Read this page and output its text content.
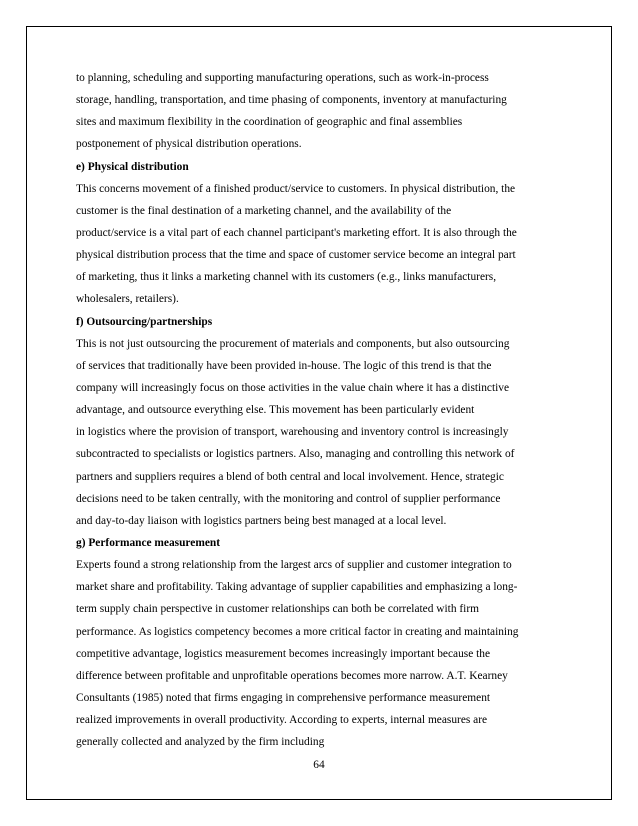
to planning, scheduling and supporting manufacturing operations, such as work-in-process

storage, handling, transportation, and time phasing of components, inventory at manufacturing

sites and maximum flexibility in the coordination of geographic and final assemblies

postponement of physical distribution operations.

e) Physical distribution

This concerns movement of a finished product/service to customers. In physical distribution, the

customer is the final destination of a marketing channel, and the availability of the

product/service is a vital part of each channel participant's marketing effort. It is also through the

physical distribution process that the time and space of customer service become an integral part

of marketing, thus it links a marketing channel with its customers (e.g., links manufacturers,

wholesalers, retailers).

f) Outsourcing/partnerships

This is not just outsourcing the procurement of materials and components, but also outsourcing

of services that traditionally have been provided in-house. The logic of this trend is that the

company will increasingly focus on those activities in the value chain where it has a distinctive

advantage, and outsource everything else. This movement has been particularly evident

in logistics where the provision of transport, warehousing and inventory control is increasingly

subcontracted to specialists or logistics partners. Also, managing and controlling this network of

partners and suppliers requires a blend of both central and local involvement. Hence, strategic

decisions need to be taken centrally, with the monitoring and control of supplier performance

and day-to-day liaison with logistics partners being best managed at a local level.

g) Performance measurement

Experts found a strong relationship from the largest arcs of supplier and customer integration to

market share and profitability. Taking advantage of supplier capabilities and emphasizing a long-

term supply chain perspective in customer relationships can both be correlated with firm

performance. As logistics competency becomes a more critical factor in creating and maintaining

competitive advantage, logistics measurement becomes increasingly important because the

difference between profitable and unprofitable operations becomes more narrow. A.T. Kearney

Consultants (1985) noted that firms engaging in comprehensive performance measurement

realized improvements in overall productivity. According to experts, internal measures are

generally collected and analyzed by the firm including

64
